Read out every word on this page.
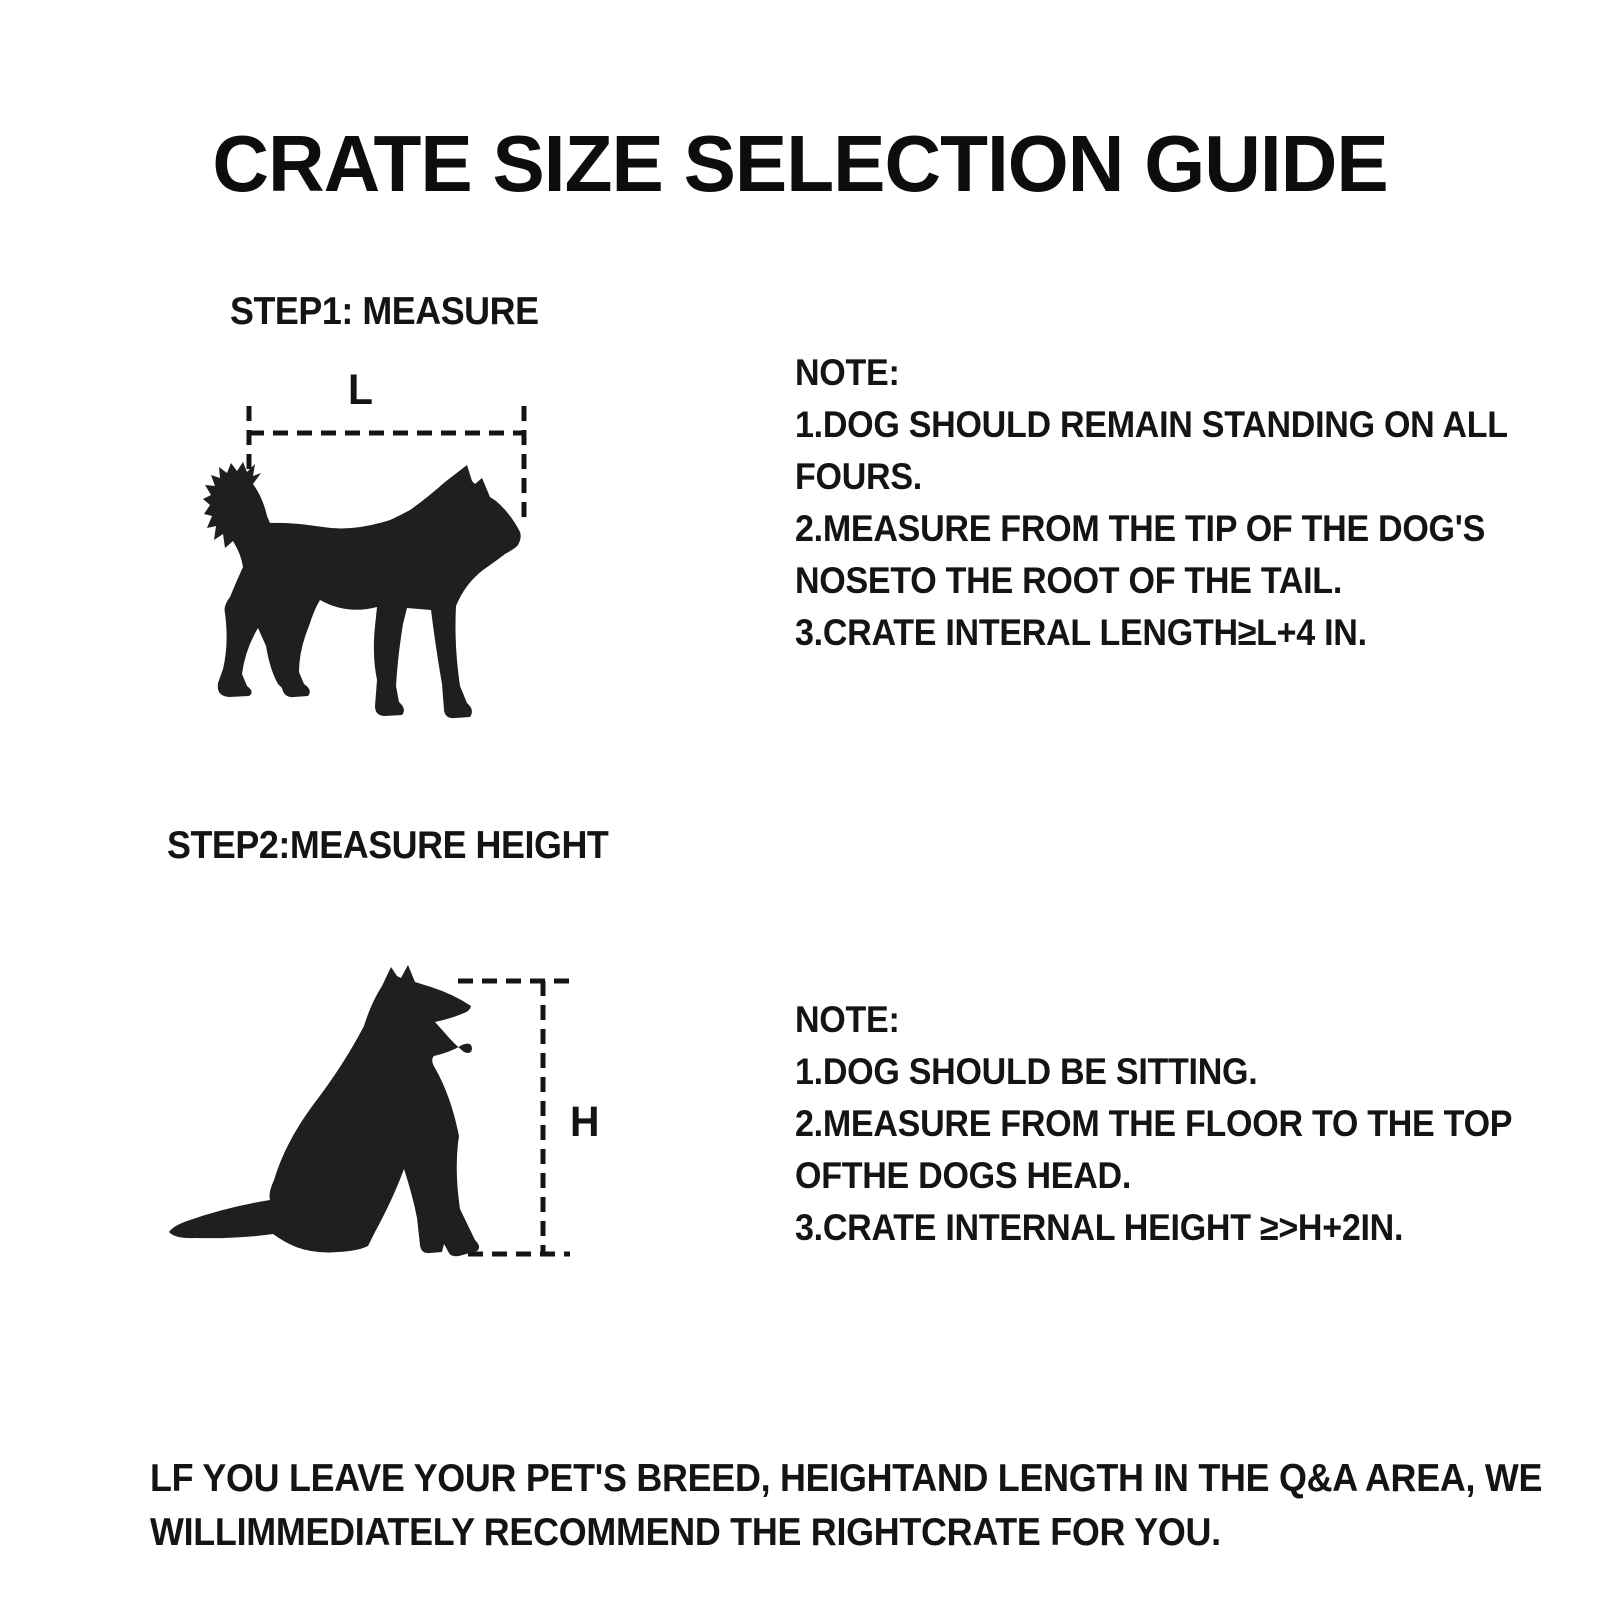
CRATE SIZE SELECTION GUIDE
STEP1: MEASURE
L
STEP2:MEASURE HEIGHT
H
NOTE:
1.DOG SHOULD REMAIN STANDING ON ALL
FOURS.
2.MEASURE FROM THE TIP OF THE DOG'S
NOSETO THE ROOT OF THE TAIL.
3.CRATE INTERAL LENGTH≥L+4 IN.
NOTE:
1.DOG SHOULD BE SITTING.
2.MEASURE FROM THE FLOOR TO THE TOP
OFTHE DOGS HEAD.
3.CRATE INTERNAL HEIGHT ≥>H+2IN.
LF YOU LEAVE YOUR PET'S BREED, HEIGHTAND LENGTH IN THE Q&A AREA, WE
WILLIMMEDIATELY RECOMMEND THE RIGHTCRATE FOR YOU.
